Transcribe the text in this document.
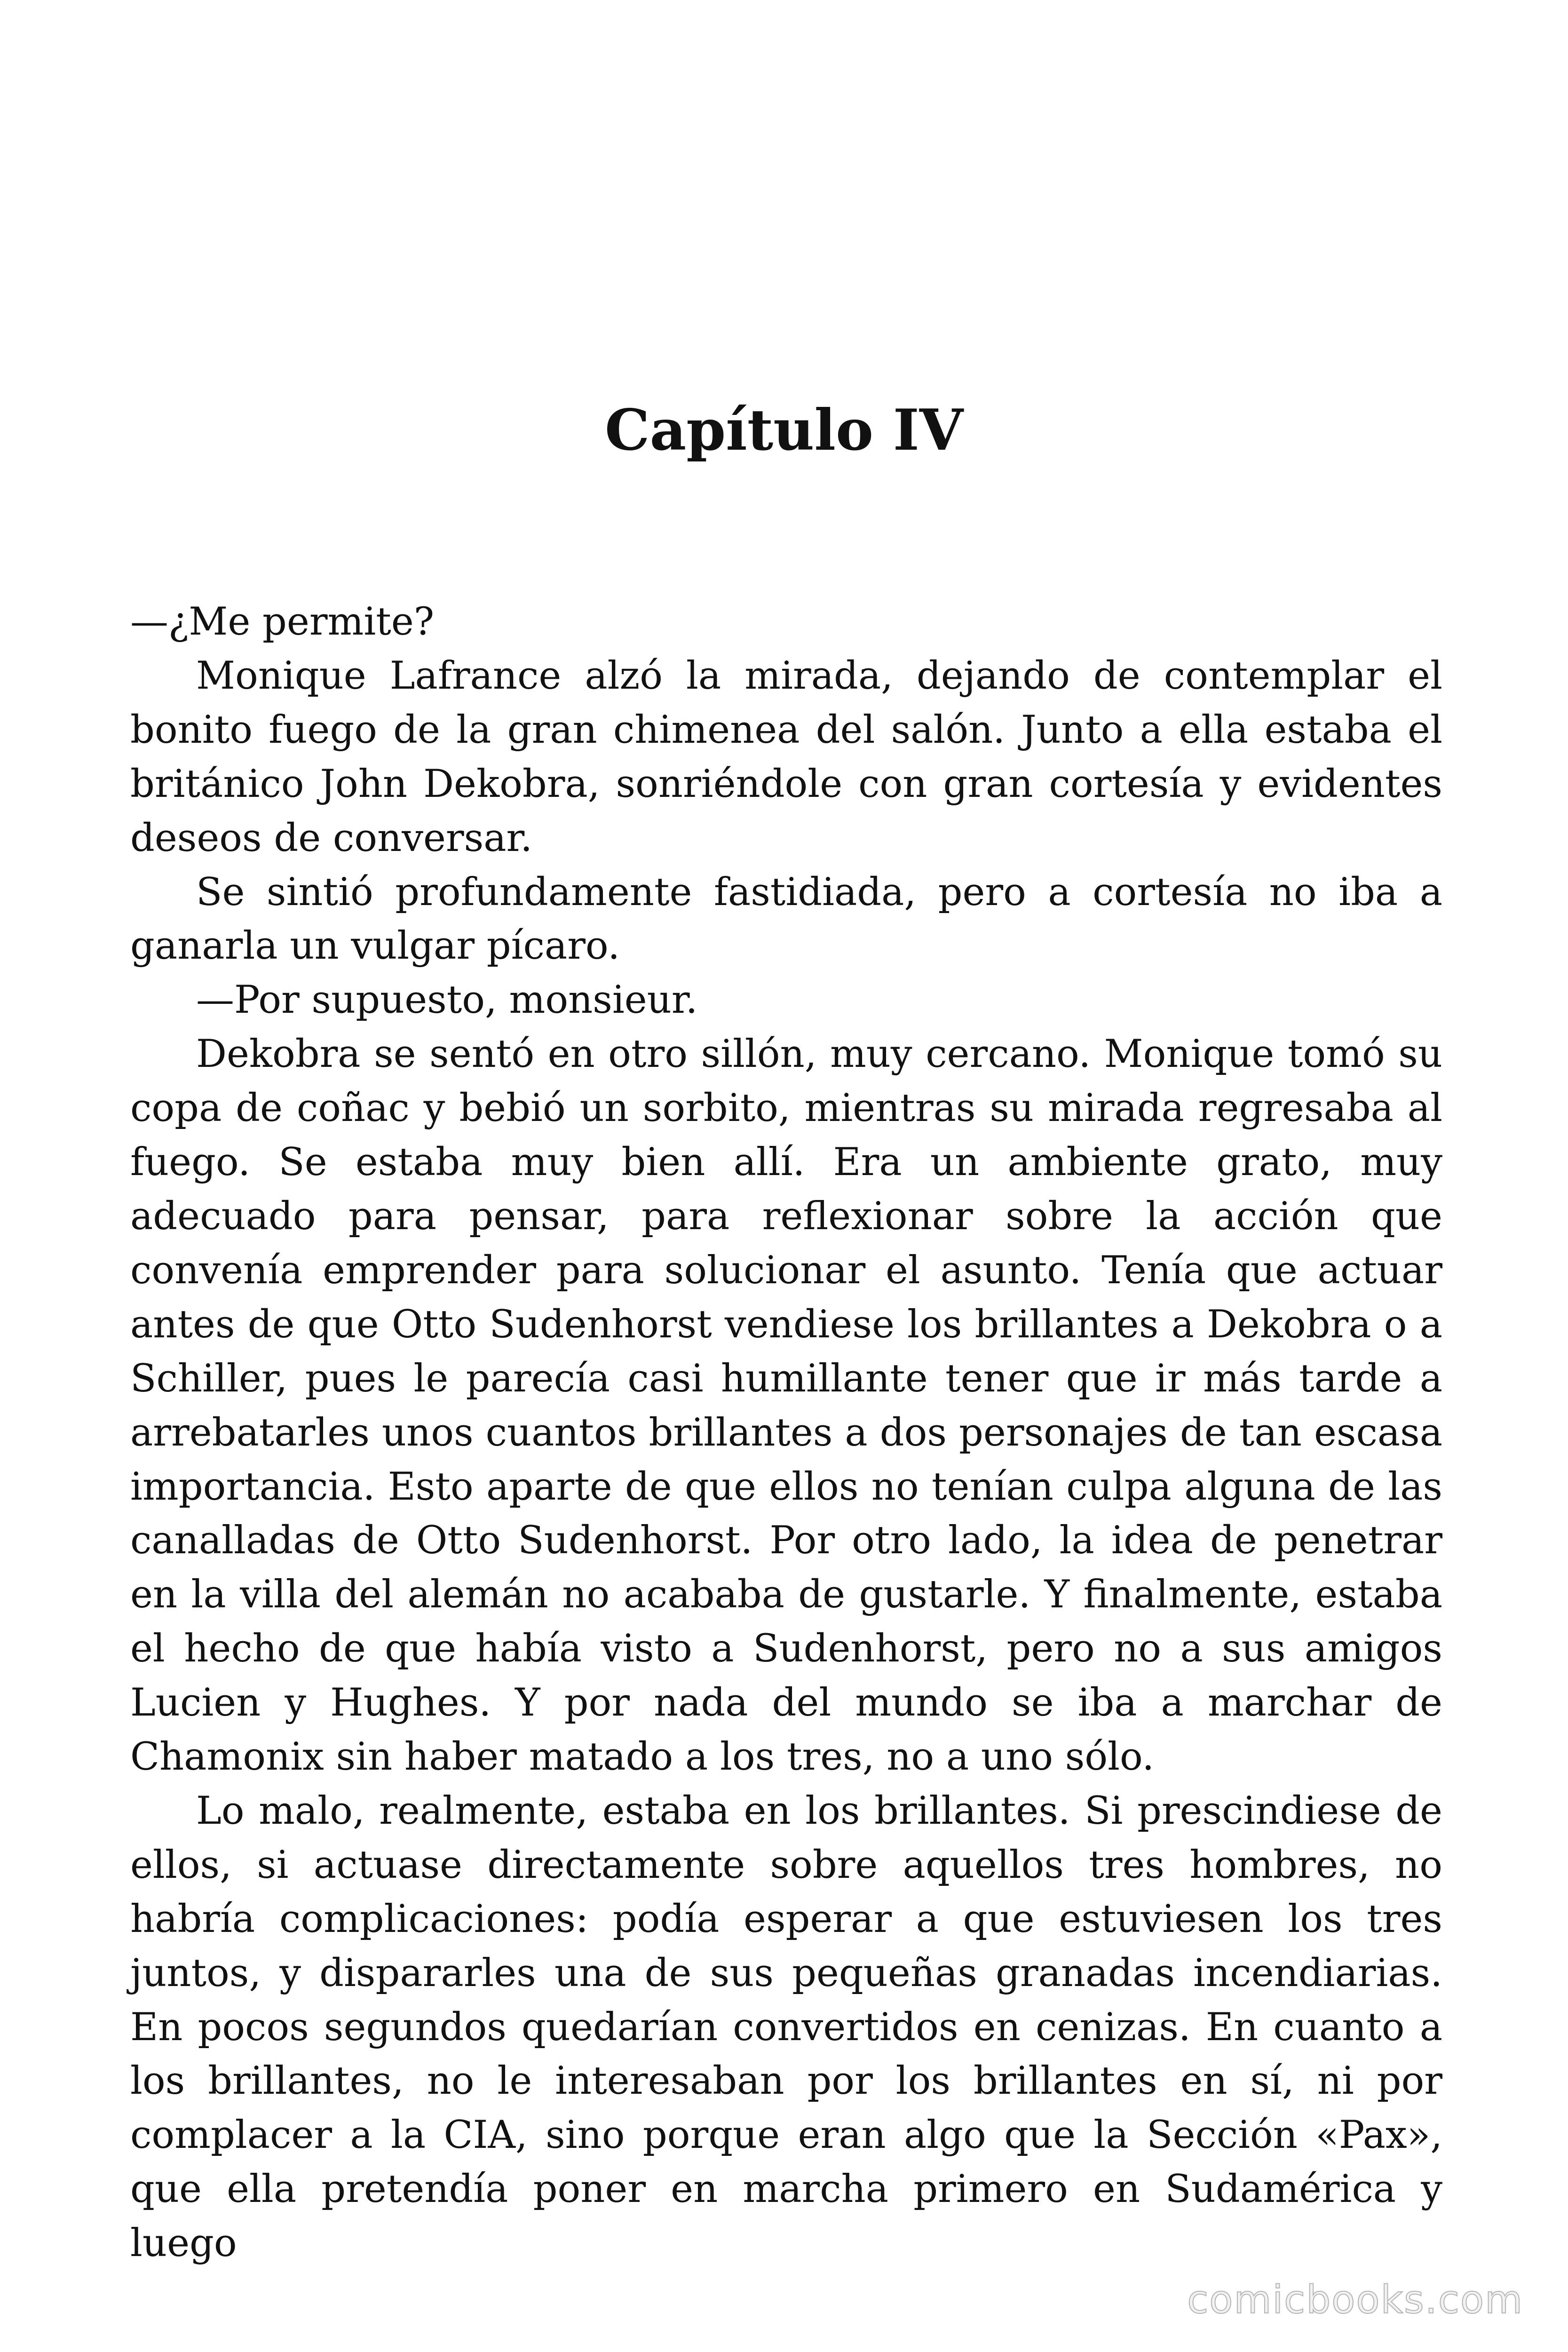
Capítulo IV

—¿Me permite?

Monique Lafrance alzó la mirada, dejando de contemplar el bonito fuego de la gran chimenea del salón. Junto a ella estaba el británico John Dekobra, sonriéndole con gran cortesía y evidentes deseos de conversar.

Se sintió profundamente fastidiada, pero a cortesía no iba a ganarla un vulgar pícaro.

—Por supuesto, monsieur.

Dekobra se sentó en otro sillón, muy cercano. Monique tomó su copa de coñac y bebió un sorbito, mientras su mirada regresaba al fuego. Se estaba muy bien allí. Era un ambiente grato, muy adecuado para pensar, para reflexionar sobre la acción que convenía emprender para solucionar el asunto. Tenía que actuar antes de que Otto Sudenhorst vendiese los brillantes a Dekobra o a Schiller, pues le parecía casi humillante tener que ir más tarde a arrebatarles unos cuantos brillantes a dos personajes de tan escasa importancia. Esto aparte de que ellos no tenían culpa alguna de las canalladas de Otto Sudenhorst. Por otro lado, la idea de penetrar en la villa del alemán no acababa de gustarle. Y finalmente, estaba el hecho de que había visto a Sudenhorst, pero no a sus amigos Lucien y Hughes. Y por nada del mundo se iba a marchar de Chamonix sin haber matado a los tres, no a uno sólo.

Lo malo, realmente, estaba en los brillantes. Si prescindiese de ellos, si actuase directamente sobre aquellos tres hombres, no habría complicaciones: podía esperar a que estuviesen los tres juntos, y dispararles una de sus pequeñas granadas incendiarias. En pocos segundos quedarían convertidos en cenizas. En cuanto a los brillantes, no le interesaban por los brillantes en sí, ni por complacer a la CIA, sino porque eran algo que la Sección «Pax», que ella pretendía poner en marcha primero en Sudamérica y luego

comicbooks.com
